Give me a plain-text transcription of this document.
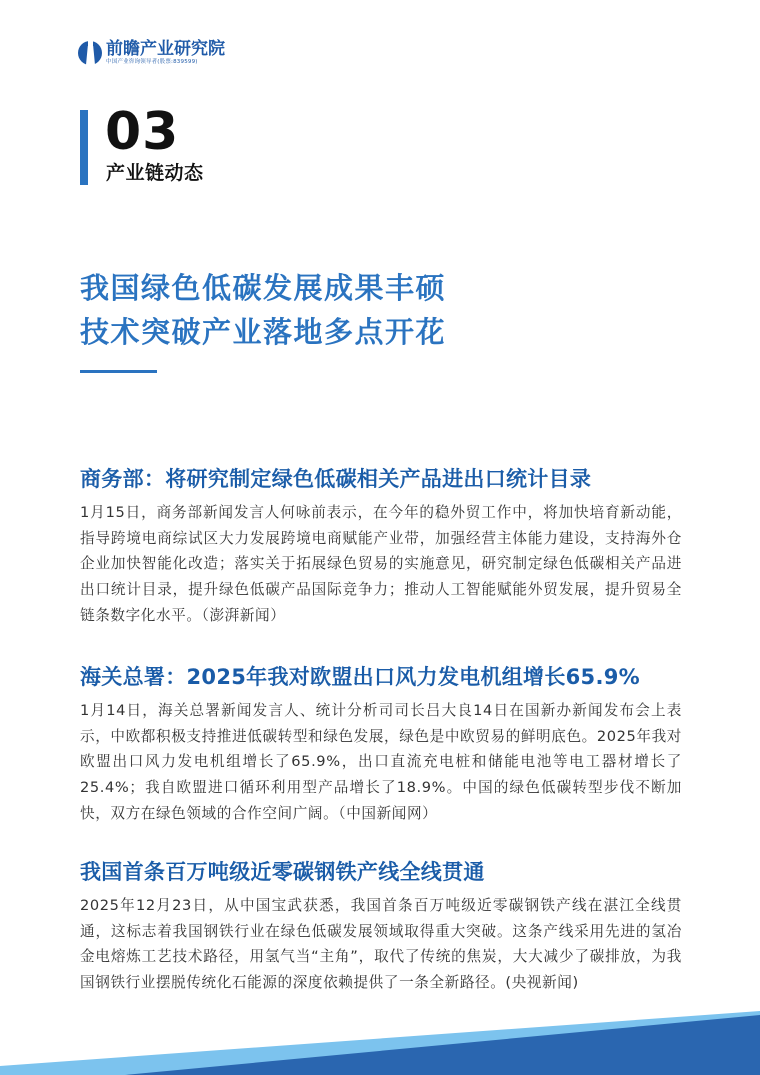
前瞻产业研究院
中国产业咨询领导者(股票:839599)
03
产业链动态
我国绿色低碳发展成果丰硕
技术突破产业落地多点开花
商务部：将研究制定绿色低碳相关产品进出口统计目录

1月15日，商务部新闻发言人何咏前表示，在今年的稳外贸工作中，将加快培育新动能，指导跨境电商综试区大力发展跨境电商赋能产业带，加强经营主体能力建设，支持海外仓企业加快智能化改造；落实关于拓展绿色贸易的实施意见，研究制定绿色低碳相关产品进出口统计目录，提升绿色低碳产品国际竞争力；推动人工智能赋能外贸发展，提升贸易全链条数字化水平。（澎湃新闻）

海关总署：2025年我对欧盟出口风力发电机组增长65.9%

1月14日，海关总署新闻发言人、统计分析司司长吕大良14日在国新办新闻发布会上表示，中欧都积极支持推进低碳转型和绿色发展，绿色是中欧贸易的鲜明底色。2025年我对欧盟出口风力发电机组增长了65.9%，出口直流充电桩和储能电池等电工器材增长了25.4%；我自欧盟进口循环利用型产品增长了18.9%。中国的绿色低碳转型步伐不断加快，双方在绿色领域的合作空间广阔。（中国新闻网）

我国首条百万吨级近零碳钢铁产线全线贯通

2025年12月23日，从中国宝武获悉，我国首条百万吨级近零碳钢铁产线在湛江全线贯通，这标志着我国钢铁行业在绿色低碳发展领域取得重大突破。这条产线采用先进的氢冶金电熔炼工艺技术路径，用氢气当“主角”，取代了传统的焦炭，大大减少了碳排放，为我国钢铁行业摆脱传统化石能源的深度依赖提供了一条全新路径。(央视新闻)
